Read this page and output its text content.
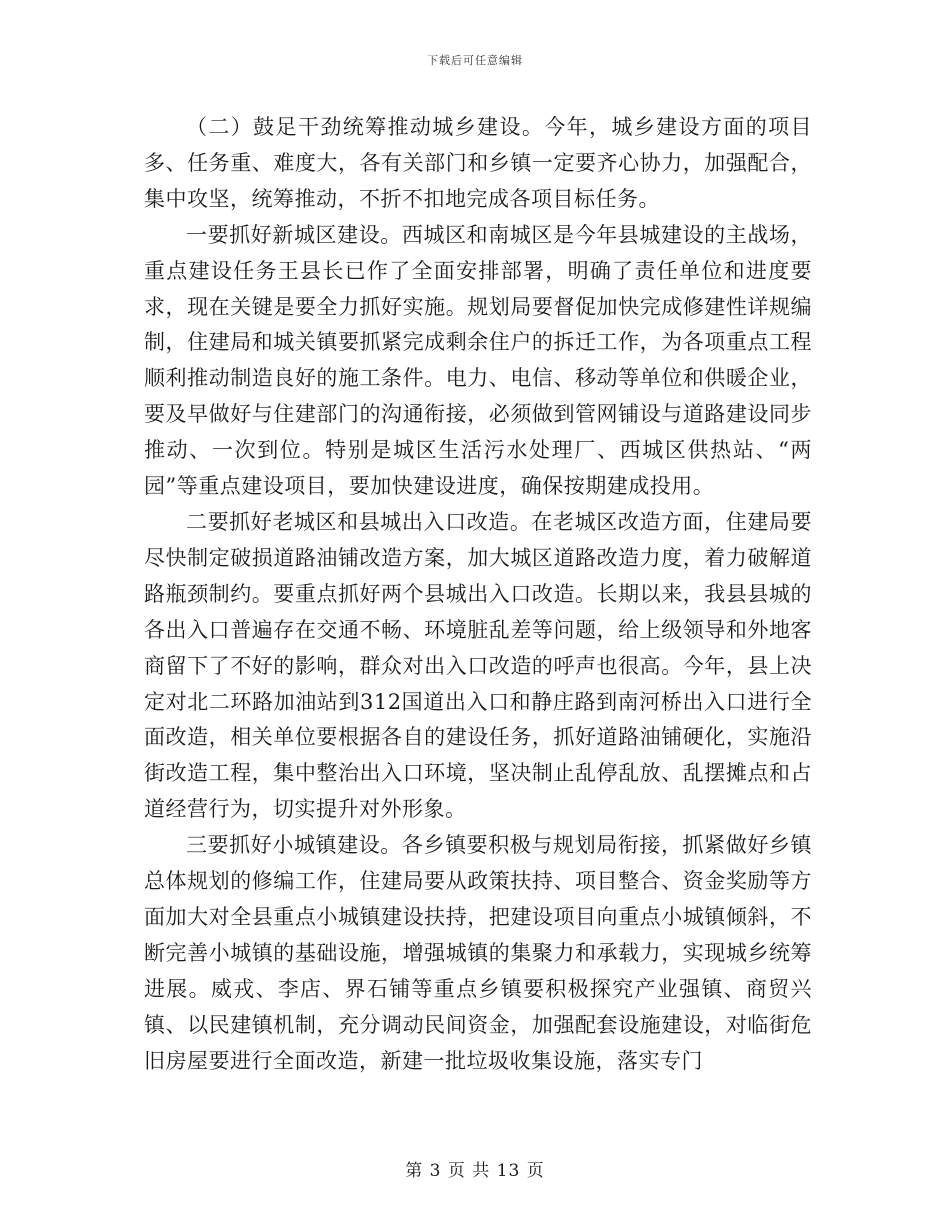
下载后可任意编辑

（二）鼓足干劲统筹推动城乡建设。今年，城乡建设方面的项目多、任务重、难度大，各有关部门和乡镇一定要齐心协力，加强配合，集中攻坚，统筹推动，不折不扣地完成各项目标任务。

一要抓好新城区建设。西城区和南城区是今年县城建设的主战场，重点建设任务王县长已作了全面安排部署，明确了责任单位和进度要求，现在关键是要全力抓好实施。规划局要督促加快完成修建性详规编制，住建局和城关镇要抓紧完成剩余住户的拆迁工作，为各项重点工程顺利推动制造良好的施工条件。电力、电信、移动等单位和供暖企业，要及早做好与住建部门的沟通衔接，必须做到管网铺设与道路建设同步推动、一次到位。特别是城区生活污水处理厂、西城区供热站、“两园”等重点建设项目，要加快建设进度，确保按期建成投用。

二要抓好老城区和县城出入口改造。在老城区改造方面，住建局要尽快制定破损道路油铺改造方案，加大城区道路改造力度，着力破解道路瓶颈制约。要重点抓好两个县城出入口改造。长期以来，我县县城的各出入口普遍存在交通不畅、环境脏乱差等问题，给上级领导和外地客商留下了不好的影响，群众对出入口改造的呼声也很高。今年，县上决定对北二环路加油站到312国道出入口和静庄路到南河桥出入口进行全面改造，相关单位要根据各自的建设任务，抓好道路油铺硬化，实施沿街改造工程，集中整治出入口环境，坚决制止乱停乱放、乱摆摊点和占道经营行为，切实提升对外形象。

三要抓好小城镇建设。各乡镇要积极与规划局衔接，抓紧做好乡镇总体规划的修编工作，住建局要从政策扶持、项目整合、资金奖励等方面加大对全县重点小城镇建设扶持，把建设项目向重点小城镇倾斜，不断完善小城镇的基础设施，增强城镇的集聚力和承载力，实现城乡统筹进展。威戎、李店、界石铺等重点乡镇要积极探究产业强镇、商贸兴镇、以民建镇机制，充分调动民间资金，加强配套设施建设，对临街危旧房屋要进行全面改造，新建一批垃圾收集设施，落实专门

第 3 页 共 13 页
